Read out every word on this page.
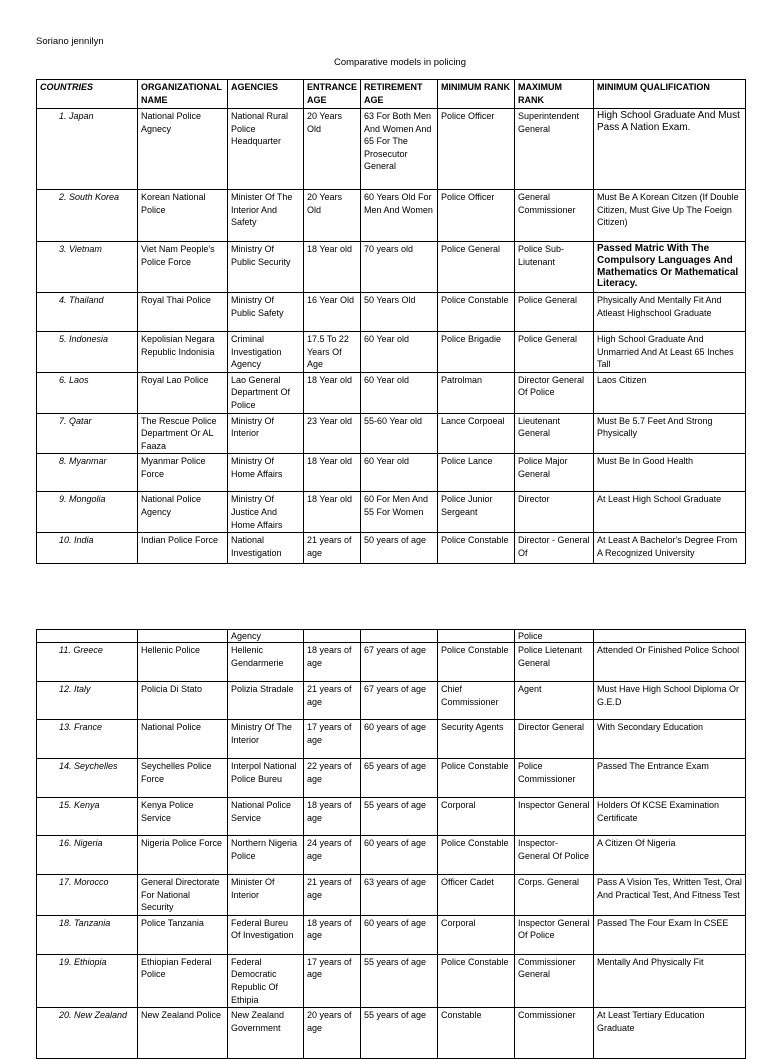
Soriano jennilyn
Comparative models in policing
COUNTRIES	ORGANIZATIONAL NAME	AGENCIES	ENTRANCE AGE	RETIREMENT AGE	MINIMUM RANK	MAXIMUM RANK	MINIMUM QUALIFICATION
1. Japan	National Police Agnecy	National Rural Police Headquarter	20 Years Old	63 For Both Men And Women And 65 For The Prosecutor General	Police Officer	Superintendent General	High School Graduate And Must Pass A Nation Exam.
2. South Korea	Korean National Police	Minister Of The Interior And Safety	20 Years Old	60 Years Old For Men And Women	Police Officer	General Commissioner	Must Be A Korean Citzen (If Double Citizen, Must Give Up The Foeign Citizen)
3. Vietnam	Viet Nam People's Police Force	Ministry Of Public Security	18 Year old	70 years old	Police General	Police Sub-Liutenant	Passed Matric With The Compulsory Languages And Mathematics Or Mathematical Literacy.
4. Thailand	Royal Thai Police	Ministry Of Public Safety	16 Year Old	50 Years Old	Police Constable	Police General	Physically And Mentally Fit And Atleast Highschool Graduate
5. Indonesia	Kepolisian Negara Republic Indonisia	Criminal Investigation Agency	17.5 To 22 Years Of Age	60 Year old	Police Brigadie	Police General	High School Graduate And Unmarried And At Least 65 Inches Tall
6. Laos	Royal Lao Police	Lao General Department Of Police	18 Year old	60 Year old	Patrolman	Director General Of Police	Laos Citizen
7. Qatar	The Rescue Police Department Or AL Faaza	Ministry Of Interior	23 Year old	55-60 Year old	Lance Corpoeal	Lieutenant General	Must Be 5.7 Feet And Strong Physically
8. Myanmar	Myanmar Police Force	Ministry Of Home Affairs	18 Year old	60 Year old	Police Lance	Police Major General	Must Be In Good Health
9. Mongolia	National Police Agency	Ministry Of Justice And Home Affairs	18 Year old	60 For Men And 55 For Women	Police Junior Sergeant	Director	At Least High School Graduate
10. India	Indian Police Force	National Investigation	21 years of age	50 years of age	Police Constable	Director - General Of	At Least A Bachelor's Degree From A Recognized University
		Agency				Police	
11. Greece	Hellenic Police	Hellenic Gendarmerie	18 years of age	67 years of age	Police Constable	Police Lietenant General	Attended Or Finished Police School
12. Italy	Policia Di Stato	Polizia Stradale	21 years of age	67 years of age	Chief Commissioner	Agent	Must Have High School Diploma Or G.E.D
13. France	National Police	Ministry Of The Interior	17 years of age	60 years of age	Security Agents	Director General	With Secondary Education
14. Seychelles	Seychelles Police Force	Interpol National Police Bureu	22 years of age	65 years of age	Police Constable	Police Commissioner	Passed The Entrance Exam
15. Kenya	Kenya Police Service	National Police Service	18 years of age	55 years of age	Corporal	Inspector General	Holders Of KCSE Examination Certificate
16. Nigeria	Nigeria Police Force	Northern Nigeria Police	24 years of age	60 years of age	Police Constable	Inspector-General Of Police	A Citizen Of Nigeria
17. Morocco	General Directorate For National Security	Minister Of Interior	21 years of age	63 years of age	Officer Cadet	Corps. General	Pass A Vision Tes, Written Test, Oral And Practical Test, And Fitness Test
18. Tanzania	Police Tanzania	Federal Bureu Of Investigation	18 years of age	60 years of age	Corporal	Inspector General Of Police	Passed The Four Exam In CSEE
19. Ethiopia	Ethiopian Federal Police	Federal Democratic Republic Of Ethipia	17 years of age	55 years of age	Police Constable	Commissioner General	Mentally And Physically Fit
20. New Zealand	New Zealand Police	New Zealand Government	20 years of age	55 years of age	Constable	Commissioner	At Least Tertiary Education Graduate
